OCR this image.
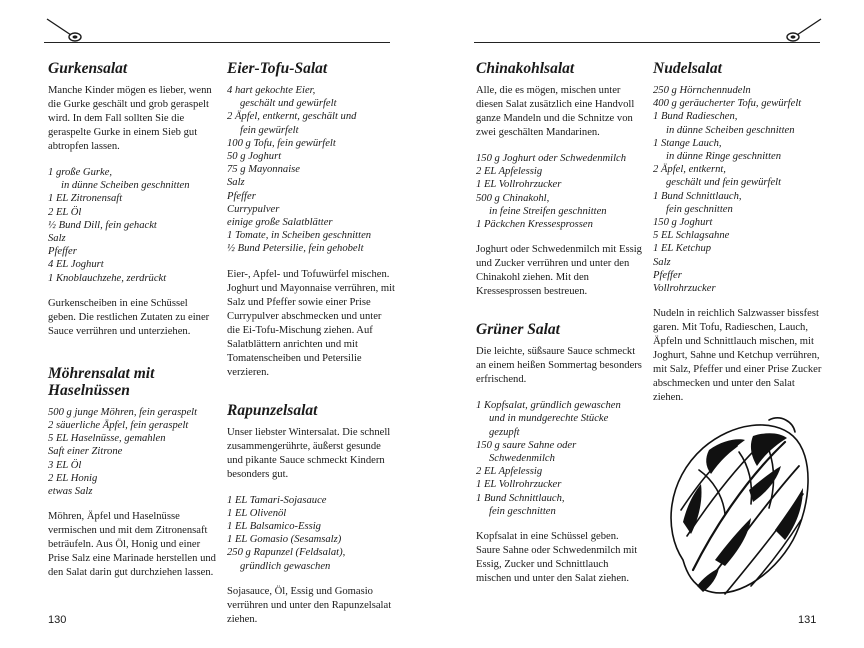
Gurkensalat

Manche Kinder mögen es lieber, wenn die Gurke geschält und grob geraspelt wird. In dem Fall sollten Sie die geraspelte Gurke in einem Sieb gut abtropfen lassen.

1 große Gurke,
in dünne Scheiben geschnitten
1 EL Zitronensaft
2 EL Öl
½ Bund Dill, fein gehackt
Salz
Pfeffer
4 EL Joghurt
1 Knoblauchzehe, zerdrückt

Gurkenscheiben in eine Schüssel geben. Die restlichen Zutaten zu einer Sauce verrühren und unterziehen.

Möhrensalat mit Haselnüssen
500 g junge Möhren, fein geraspelt
2 säuerliche Äpfel, fein geraspelt
5 EL Haselnüsse, gemahlen
Saft einer Zitrone
3 EL Öl
2 EL Honig
etwas Salz

Möhren, Äpfel und Haselnüsse vermischen und mit dem Zitronensaft beträufeln. Aus Öl, Honig und einer Prise Salz eine Marinade herstellen und den Salat darin gut durchziehen lassen.

Eier-Tofu-Salat
4 hart gekochte Eier,
geschält und gewürfelt
2 Äpfel, entkernt, geschält und
fein gewürfelt
100 g Tofu, fein gewürfelt
50 g Joghurt
75 g Mayonnaise
Salz
Pfeffer
Currypulver
einige große Salatblätter
1 Tomate, in Scheiben geschnitten
½ Bund Petersilie, fein gehobelt

Eier-, Apfel- und Tofuwürfel mischen. Joghurt und Mayonnaise verrühren, mit Salz und Pfeffer sowie einer Prise Currypulver abschmecken und unter die Ei-Tofu-Mischung ziehen. Auf Salatblättern anrichten und mit Tomatenscheiben und Petersilie verzieren.

Rapunzelsalat

Unser liebster Wintersalat. Die schnell zusammengerührte, äußerst gesunde und pikante Sauce schmeckt Kindern besonders gut.

1 EL Tamari-Sojasauce
1 EL Olivenöl
1 EL Balsamico-Essig
1 EL Gomasio (Sesamsalz)
250 g Rapunzel (Feldsalat),
gründlich gewaschen

Sojasauce, Öl, Essig und Gomasio verrühren und unter den Rapunzelsalat ziehen.

130
Chinakohlsalat

Alle, die es mögen, mischen unter diesen Salat zusätzlich eine Handvoll ganze Mandeln und die Schnitze von zwei geschälten Mandarinen.

150 g Joghurt oder Schwedenmilch
2 EL Apfelessig
1 EL Vollrohrzucker
500 g Chinakohl,
in feine Streifen geschnitten
1 Päckchen Kressesprossen

Joghurt oder Schwedenmilch mit Essig und Zucker verrühren und unter den Chinakohl ziehen. Mit den Kressesprossen bestreuen.

Grüner Salat

Die leichte, süßsaure Sauce schmeckt an einem heißen Sommertag besonders erfrischend.

1 Kopfsalat, gründlich gewaschen
und in mundgerechte Stücke
gezupft
150 g saure Sahne oder
Schwedenmilch
2 EL Apfelessig
1 EL Vollrohrzucker
1 Bund Schnittlauch,
fein geschnitten

Kopfsalat in eine Schüssel geben. Saure Sahne oder Schwedenmilch mit Essig, Zucker und Schnittlauch mischen und unter den Salat ziehen.

Nudelsalat
250 g Hörnchennudeln
400 g geräucherter Tofu, gewürfelt
1 Bund Radieschen,
in dünne Scheiben geschnitten
1 Stange Lauch,
in dünne Ringe geschnitten
2 Äpfel, entkernt,
geschält und fein gewürfelt
1 Bund Schnittlauch,
fein geschnitten
150 g Joghurt
5 EL Schlagsahne
1 EL Ketchup
Salz
Pfeffer
Vollrohrzucker

Nudeln in reichlich Salzwasser bissfest garen. Mit Tofu, Radieschen, Lauch, Äpfeln und Schnittlauch mischen, mit Joghurt, Sahne und Ketchup verrühren, mit Salz, Pfeffer und einer Prise Zucker abschmecken und unter den Salat ziehen.

131
